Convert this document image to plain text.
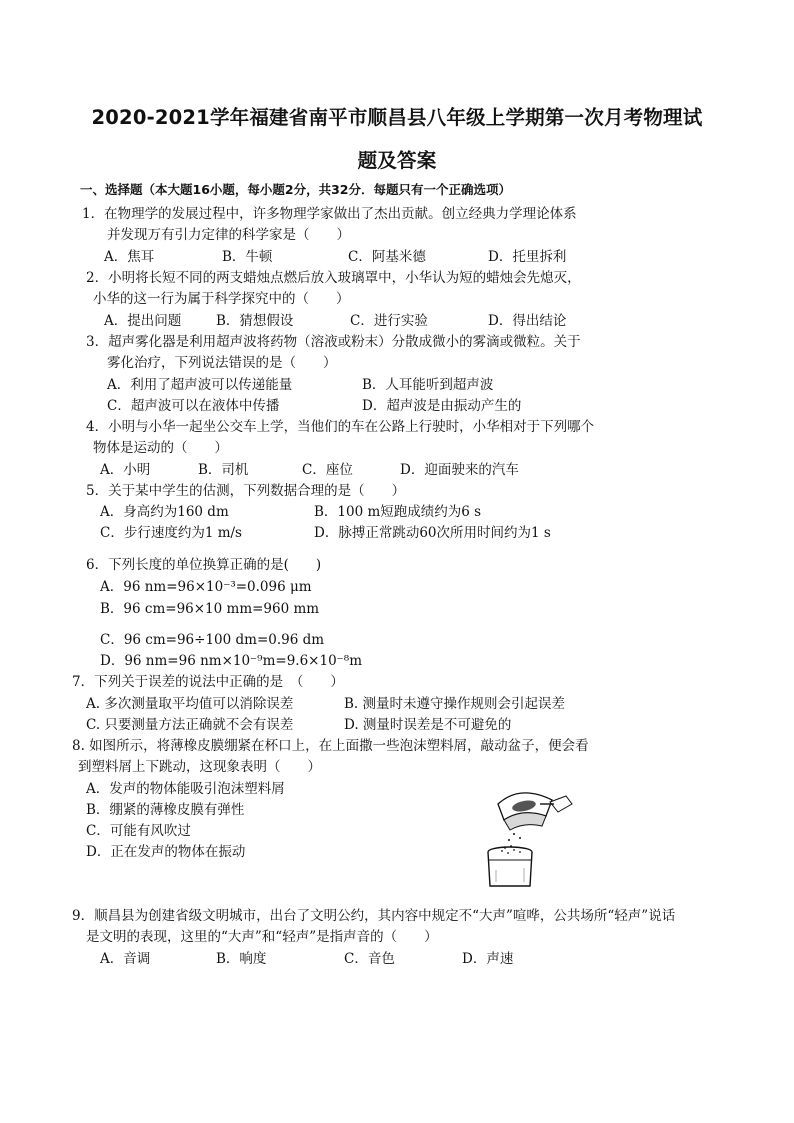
2020-2021学年福建省南平市顺昌县八年级上学期第一次月考物理试
题及答案
一、选择题（本大题16小题，每小题2分，共32分．每题只有一个正确选项）
1．在物理学的发展过程中，许多物理学家做出了杰出贡献。创立经典力学理论体系
并发现万有引力定律的科学家是（　　）
A．焦耳	B．牛顿	C．阿基米德	D．托里拆利
2．小明将长短不同的两支蜡烛点燃后放入玻璃罩中，小华认为短的蜡烛会先熄灭，
小华的这一行为属于科学探究中的（　　）
A．提出问题	B．猜想假设	C．进行实验	D．得出结论
3．超声雾化器是利用超声波将药物（溶液或粉末）分散成微小的雾滴或微粒。关于
雾化治疗，下列说法错误的是（　　）
A．利用了超声波可以传递能量	B．人耳能听到超声波
C．超声波可以在液体中传播	D．超声波是由振动产生的
4．小明与小华一起坐公交车上学，当他们的车在公路上行驶时，小华相对于下列哪个
物体是运动的（　　）
A．小明	B．司机	C．座位	D．迎面驶来的汽车
5．关于某中学生的估测，下列数据合理的是（　　）
A．身高约为160 dm	B．100 m短跑成绩约为6 s
C．步行速度约为1 m/s	D．脉搏正常跳动60次所用时间约为1 s
6．下列长度的单位换算正确的是(　　)
A．96 nm=96×10⁻³=0.096 μm
B．96 cm=96×10 mm=960 mm
C．96 cm=96÷100 dm=0.96 dm
D．96 nm=96 nm×10⁻⁹m=9.6×10⁻⁸m
7．下列关于误差的说法中正确的是　（　　）
A. 多次测量取平均值可以消除误差	B. 测量时未遵守操作规则会引起误差
C. 只要测量方法正确就不会有误差	D. 测量时误差是不可避免的
8. 如图所示，将薄橡皮膜绷紧在杯口上，在上面撒一些泡沫塑料屑，敲动盆子，便会看
到塑料屑上下跳动，这现象表明（　　）
A．发声的物体能吸引泡沫塑料屑
B．绷紧的薄橡皮膜有弹性
C．可能有风吹过
D．正在发声的物体在振动
9．顺昌县为创建省级文明城市，出台了文明公约，其内容中规定不“大声”喧哗，公共场所“轻声”说话
是文明的表现，这里的“大声”和“轻声”是指声音的（　　）
A．音调	B．响度	C．音色	D．声速
